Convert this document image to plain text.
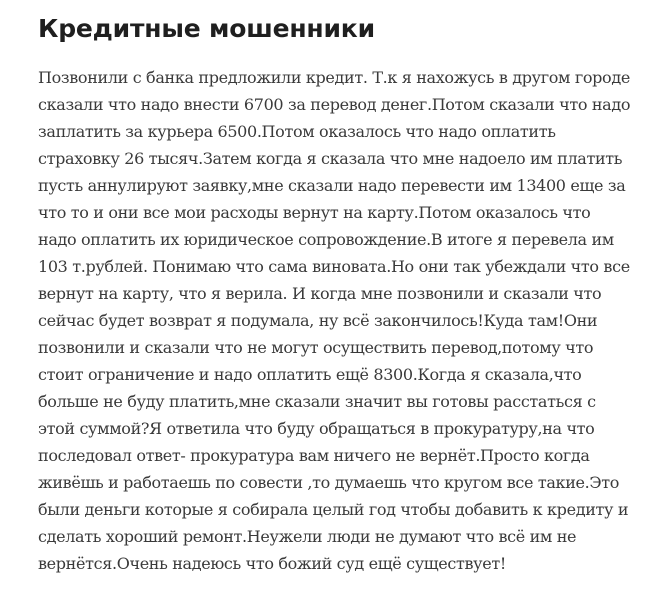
Кредитные мошенники
Позвонили с банка предложили кредит. Т.к я нахожусь в другом городе
сказали что надо внести 6700 за перевод денег.Потом сказали что надо
заплатить за курьера 6500.Потом оказалось что надо оплатить
страховку 26 тысяч.Затем когда я сказала что мне надоело им платить
пусть аннулируют заявку,мне сказали надо перевести им 13400 еще за
что то и они все мои расходы вернут на карту.Потом оказалось что
надо оплатить их юридическое сопровождение.В итоге я перевела им
103 т.рублей. Понимаю что сама виновата.Но они так убеждали что все
вернут на карту, что я верила. И когда мне позвонили и сказали что
сейчас будет возврат я подумала, ну всё закончилось!Куда там!Они
позвонили и сказали что не могут осуществить перевод,потому что
стоит ограничение и надо оплатить ещё 8300.Когда я сказала,что
больше не буду платить,мне сказали значит вы готовы расстаться с
этой суммой?Я ответила что буду обращаться в прокуратуру,на что
последовал ответ- прокуратура вам ничего не вернёт.Просто когда
живёшь и работаешь по совести ,то думаешь что кругом все такие.Это
были деньги которые я собирала целый год чтобы добавить к кредиту и
сделать хороший ремонт.Неужели люди не думают что всё им не
вернётся.Очень надеюсь что божий суд ещё существует!
